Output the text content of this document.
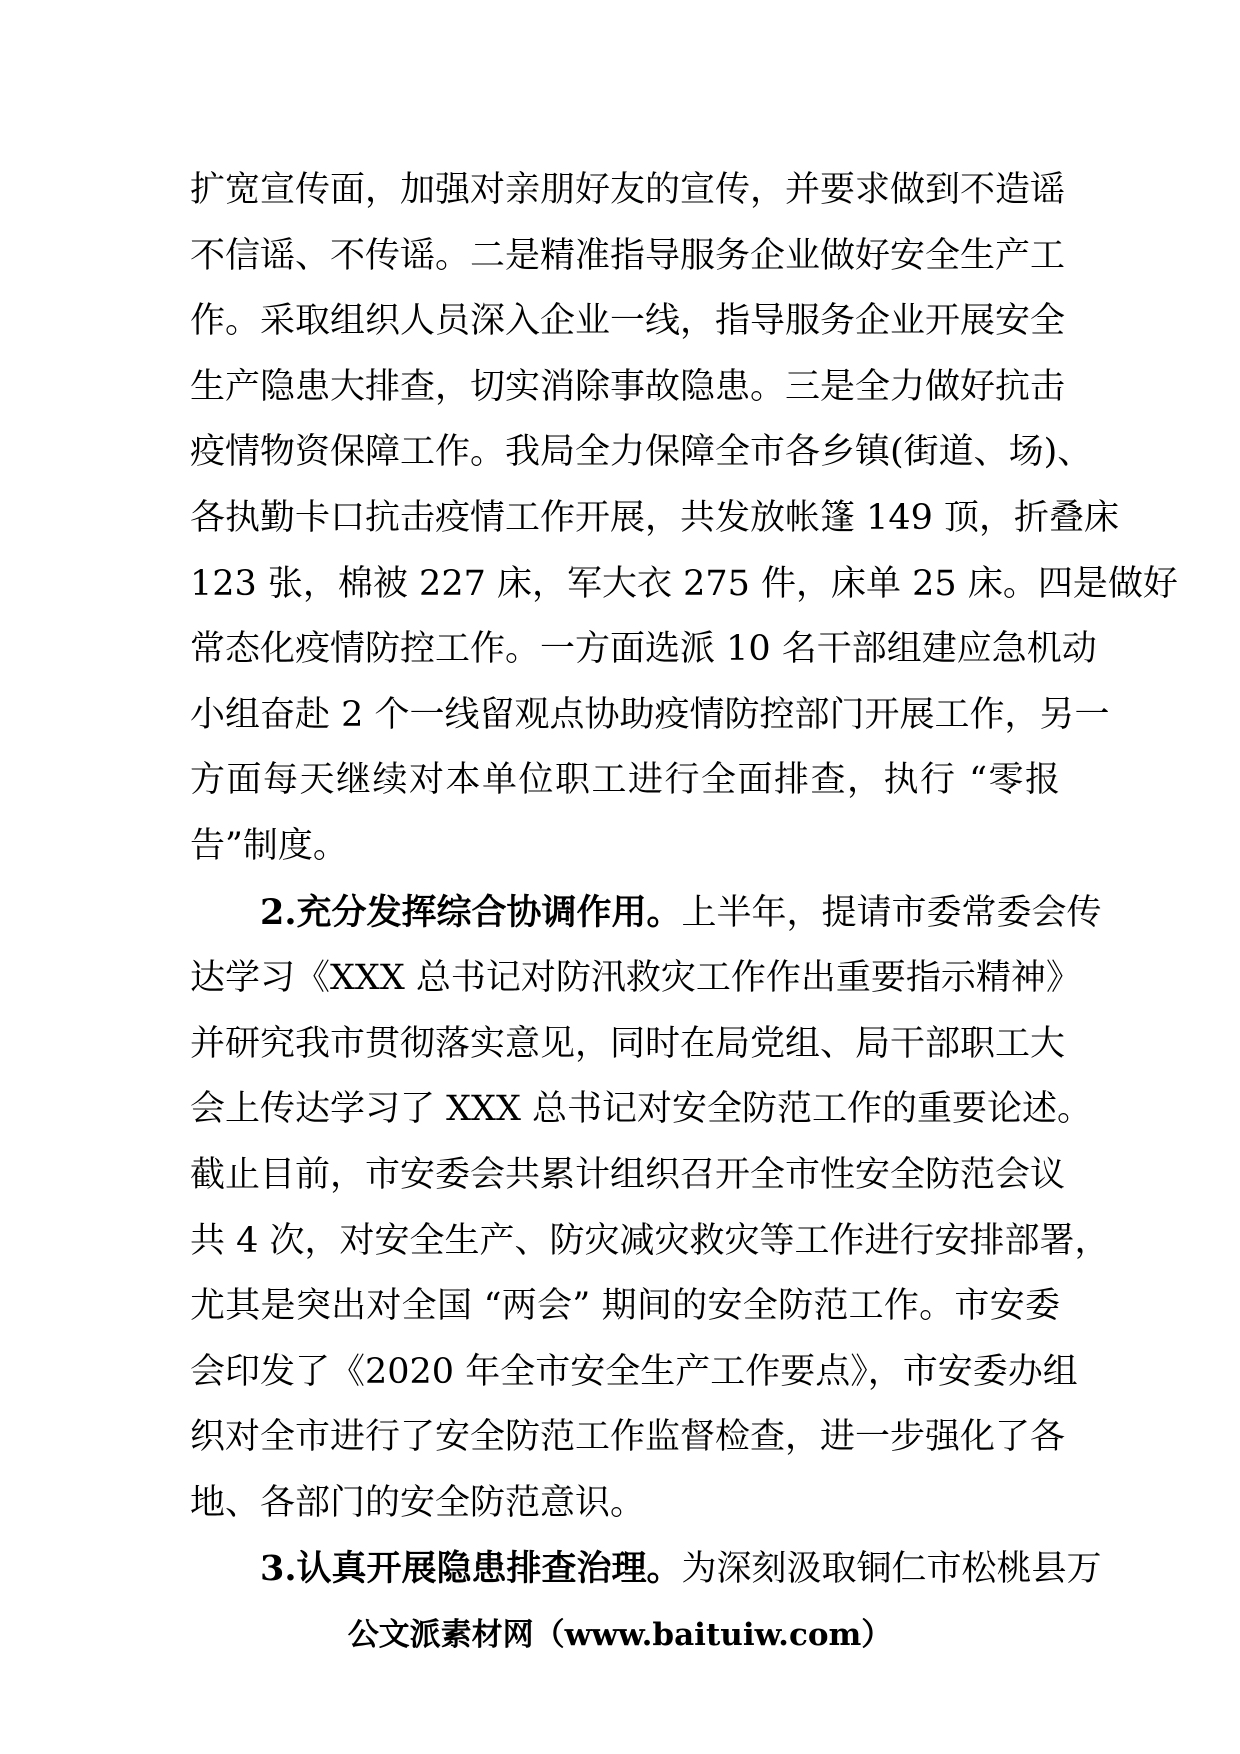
扩宽宣传面，加强对亲朋好友的宣传，并要求做到不造谣
不信谣、不传谣。二是精准指导服务企业做好安全生产工
作。采取组织人员深入企业一线，指导服务企业开展安全
生产隐患大排查，切实消除事故隐患。三是全力做好抗击
疫情物资保障工作。我局全力保障全市各乡镇(街道、场)、
各执勤卡口抗击疫情工作开展，共发放帐篷 149 顶，折叠床
123 张，棉被 227 床，军大衣 275 件，床单 25 床。四是做好
常态化疫情防控工作。一方面选派 10 名干部组建应急机动
小组奋赴 2 个一线留观点协助疫情防控部门开展工作，另一
方面每天继续对本单位职工进行全面排查，执行 “零报
告”制度。
2.充分发挥综合协调作用。上半年，提请市委常委会传
达学习《XXX 总书记对防汛救灾工作作出重要指示精神》
并研究我市贯彻落实意见，同时在局党组、局干部职工大
会上传达学习了 XXX 总书记对安全防范工作的重要论述。
截止目前，市安委会共累计组织召开全市性安全防范会议
共 4 次，对安全生产、防灾减灾救灾等工作进行安排部署，
尤其是突出对全国 “两会” 期间的安全防范工作。市安委
会印发了《2020 年全市安全生产工作要点》，市安委办组
织对全市进行了安全防范工作监督检查，进一步强化了各
地、各部门的安全防范意识。
3.认真开展隐患排查治理。为深刻汲取铜仁市松桃县万
公文派素材网（www.baituiw.com）
